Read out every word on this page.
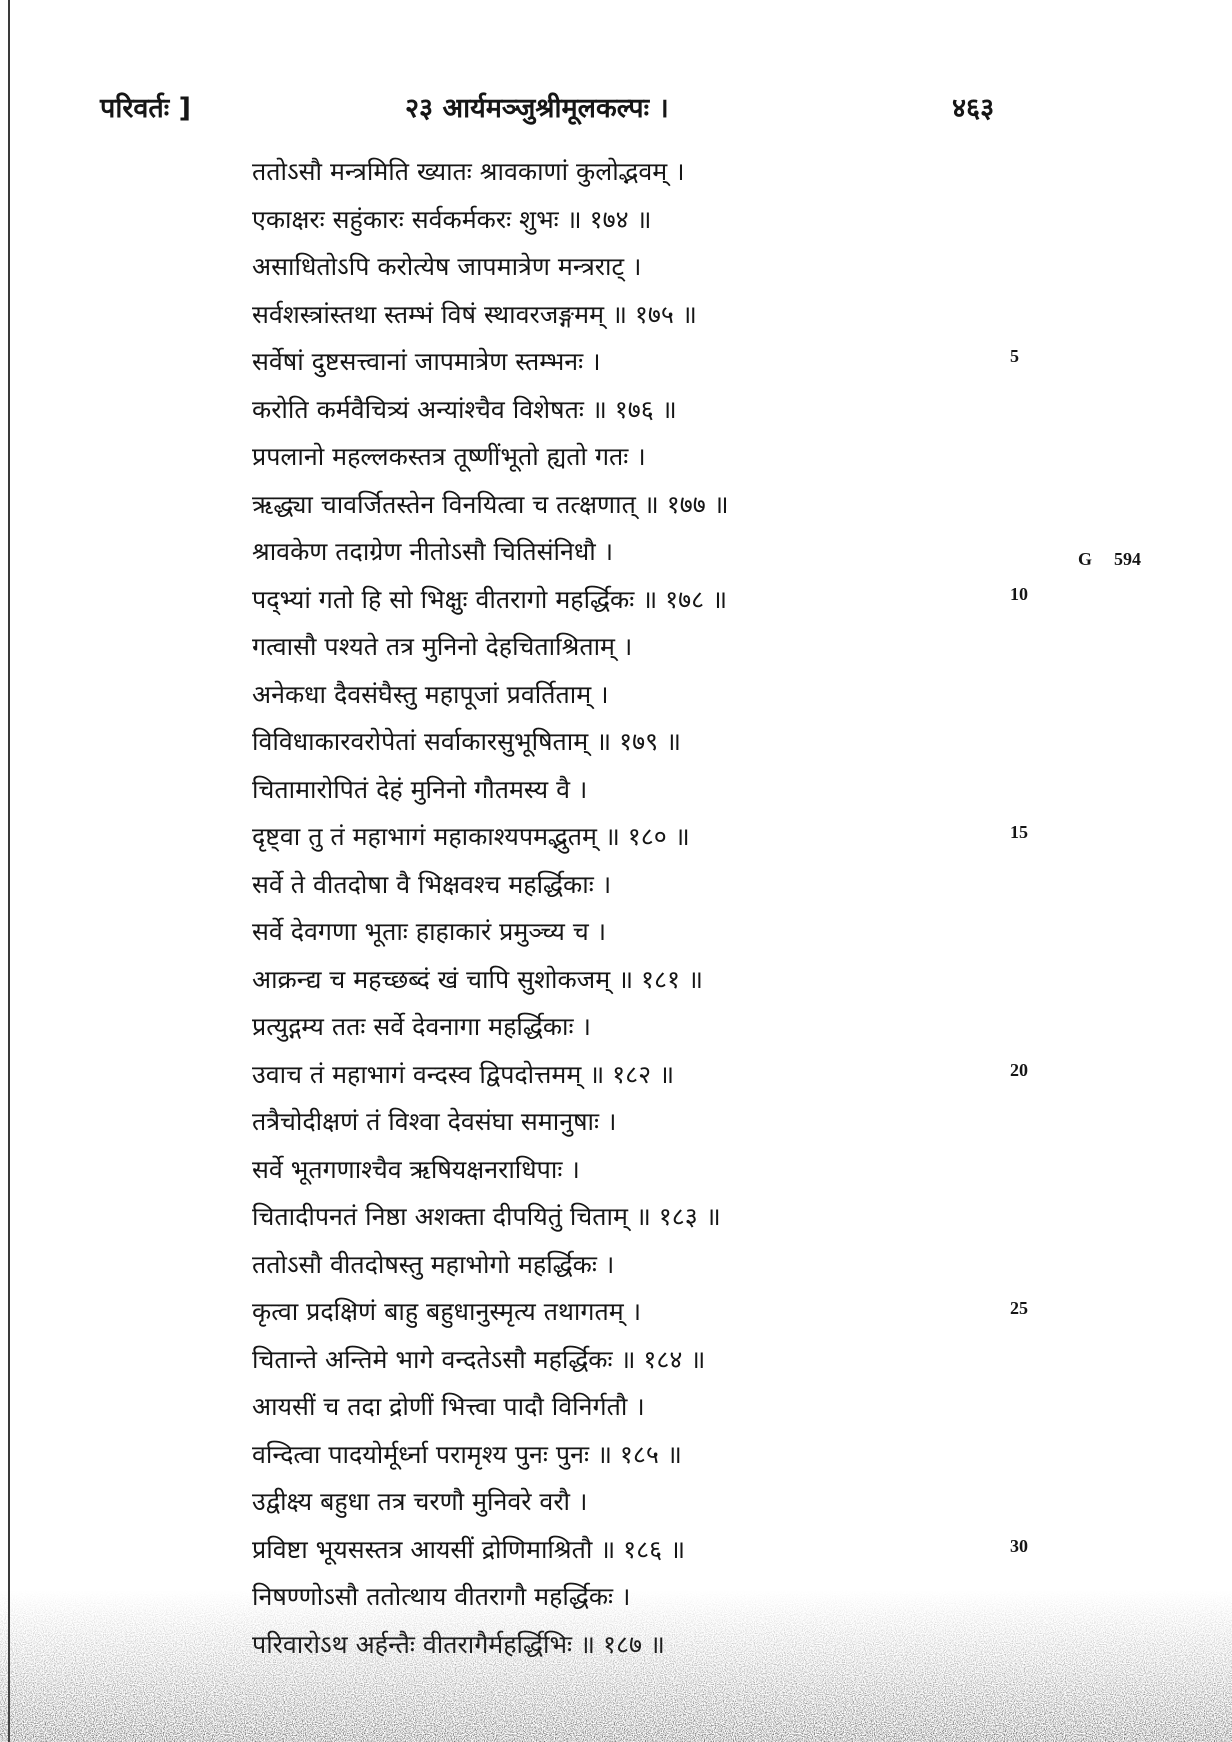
परिवर्तः ]	२३ आर्यमञ्जुश्रीमूलकल्पः ।	४६३
ततोऽसौ मन्त्रमिति ख्यातः श्रावकाणां कुलोद्भवम् ।
एकाक्षरः सहुंकारः सर्वकर्मकरः शुभः ॥ १७४ ॥
असाधितोऽपि करोत्येष जापमात्रेण मन्त्रराट् ।
सर्वशस्त्रांस्तथा स्तम्भं विषं स्थावरजङ्गमम् ॥ १७५ ॥
सर्वेषां दुष्टसत्त्वानां जापमात्रेण स्तम्भनः ।
करोति कर्मवैचित्र्यं अन्यांश्चैव विशेषतः ॥ १७६ ॥
प्रपलानो महल्लकस्तत्र तूष्णींभूतो ह्यतो गतः ।
ऋद्ध्या चावर्जितस्तेन विनयित्वा च तत्क्षणात् ॥ १७७ ॥
श्रावकेण तदाग्रेण नीतोऽसौ चितिसंनिधौ ।
पद्भ्यां गतो हि सो भिक्षुः वीतरागो महर्द्धिकः ॥ १७८ ॥
गत्वासौ पश्यते तत्र मुनिनो देहचिताश्रिताम् ।
अनेकधा दैवसंघैस्तु महापूजां प्रवर्तिताम् ।
विविधाकारवरोपेतां सर्वाकारसुभूषिताम् ॥ १७९ ॥
चितामारोपितं देहं मुनिनो गौतमस्य वै ।
दृष्ट्वा तु तं महाभागं महाकाश्यपमद्भुतम् ॥ १८० ॥
सर्वे ते वीतदोषा वै भिक्षवश्च महर्द्धिकाः ।
सर्वे देवगणा भूताः हाहाकारं प्रमुञ्च्य च ।
आक्रन्द्य च महच्छब्दं खं चापि सुशोकजम् ॥ १८१ ॥
प्रत्युद्गम्य ततः सर्वे देवनागा महर्द्धिकाः ।
उवाच तं महाभागं वन्दस्व द्विपदोत्तमम् ॥ १८२ ॥
तत्रैचोदीक्षणं तं विश्वा देवसंघा समानुषाः ।
सर्वे भूतगणाश्चैव ऋषियक्षनराधिपाः ।
चितादीपनतं निष्ठा अशक्ता दीपयितुं चिताम् ॥ १८३ ॥
ततोऽसौ वीतदोषस्तु महाभोगो महर्द्धिकः ।
कृत्वा प्रदक्षिणं बाहु बहुधानुस्मृत्य तथागतम् ।
चितान्ते अन्तिमे भागे वन्दतेऽसौ महर्द्धिकः ॥ १८४ ॥
आयसीं च तदा द्रोणीं भित्त्वा पादौ विनिर्गतौ ।
वन्दित्वा पादयोर्मूर्ध्ना परामृश्य पुनः पुनः ॥ १८५ ॥
उद्वीक्ष्य बहुधा तत्र चरणौ मुनिवरे वरौ ।
प्रविष्टा भूयसस्तत्र आयसीं द्रोणिमाश्रितौ ॥ १८६ ॥
5
10
15
20
25
30
G 594
